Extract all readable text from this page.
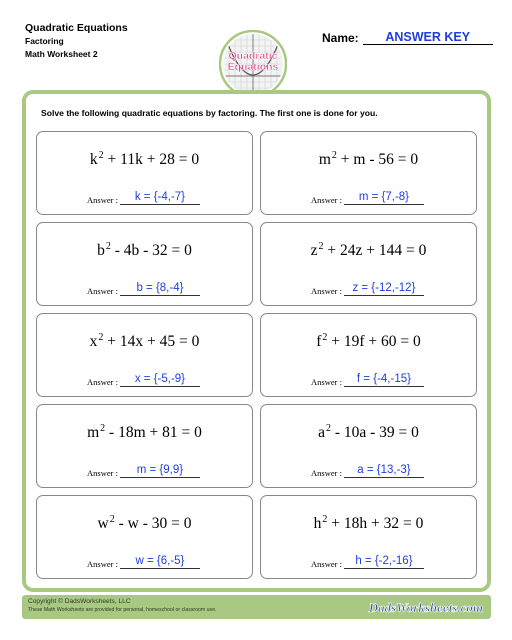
Quadratic Equations
Factoring
Math Worksheet 2	Quadratic
Equations
Name:	ANSWER KEY
Solve the following quadratic equations by factoring. The first one is done for you.
$k^2 + 11k + 28 = 0$
Answer :	k = {-4,-7}
$m^2 + m - 56 = 0$
Answer :	m = {7,-8}
$b^2 - 4b - 32 = 0$
Answer :	b = {8,-4}
$z^2 + 24z + 144 = 0$
Answer : z = {-12,-12}
$x^2 + 14x + 45 = 0$
Answer :	x = {-5,-9}
$f^2 + 19f + 60 = 0$
Answer :	f = {-4,-15}
$m^2 - 18m + 81 = 0$
Answer :	m = {9,9}
$a^2 - 10a - 39 = 0$
Answer :	a = {13,-3}
$w^2 - w - 30 = 0$
Answer :	w = {6,-5}
$h^2 + 18h + 32 = 0$
Answer :	h = {-2,-16}
Copyright © DadsWorksheets, LLC
These Math Worksheets are provided for personal, homeschool or classroom use.	DadsWorksheets.com
